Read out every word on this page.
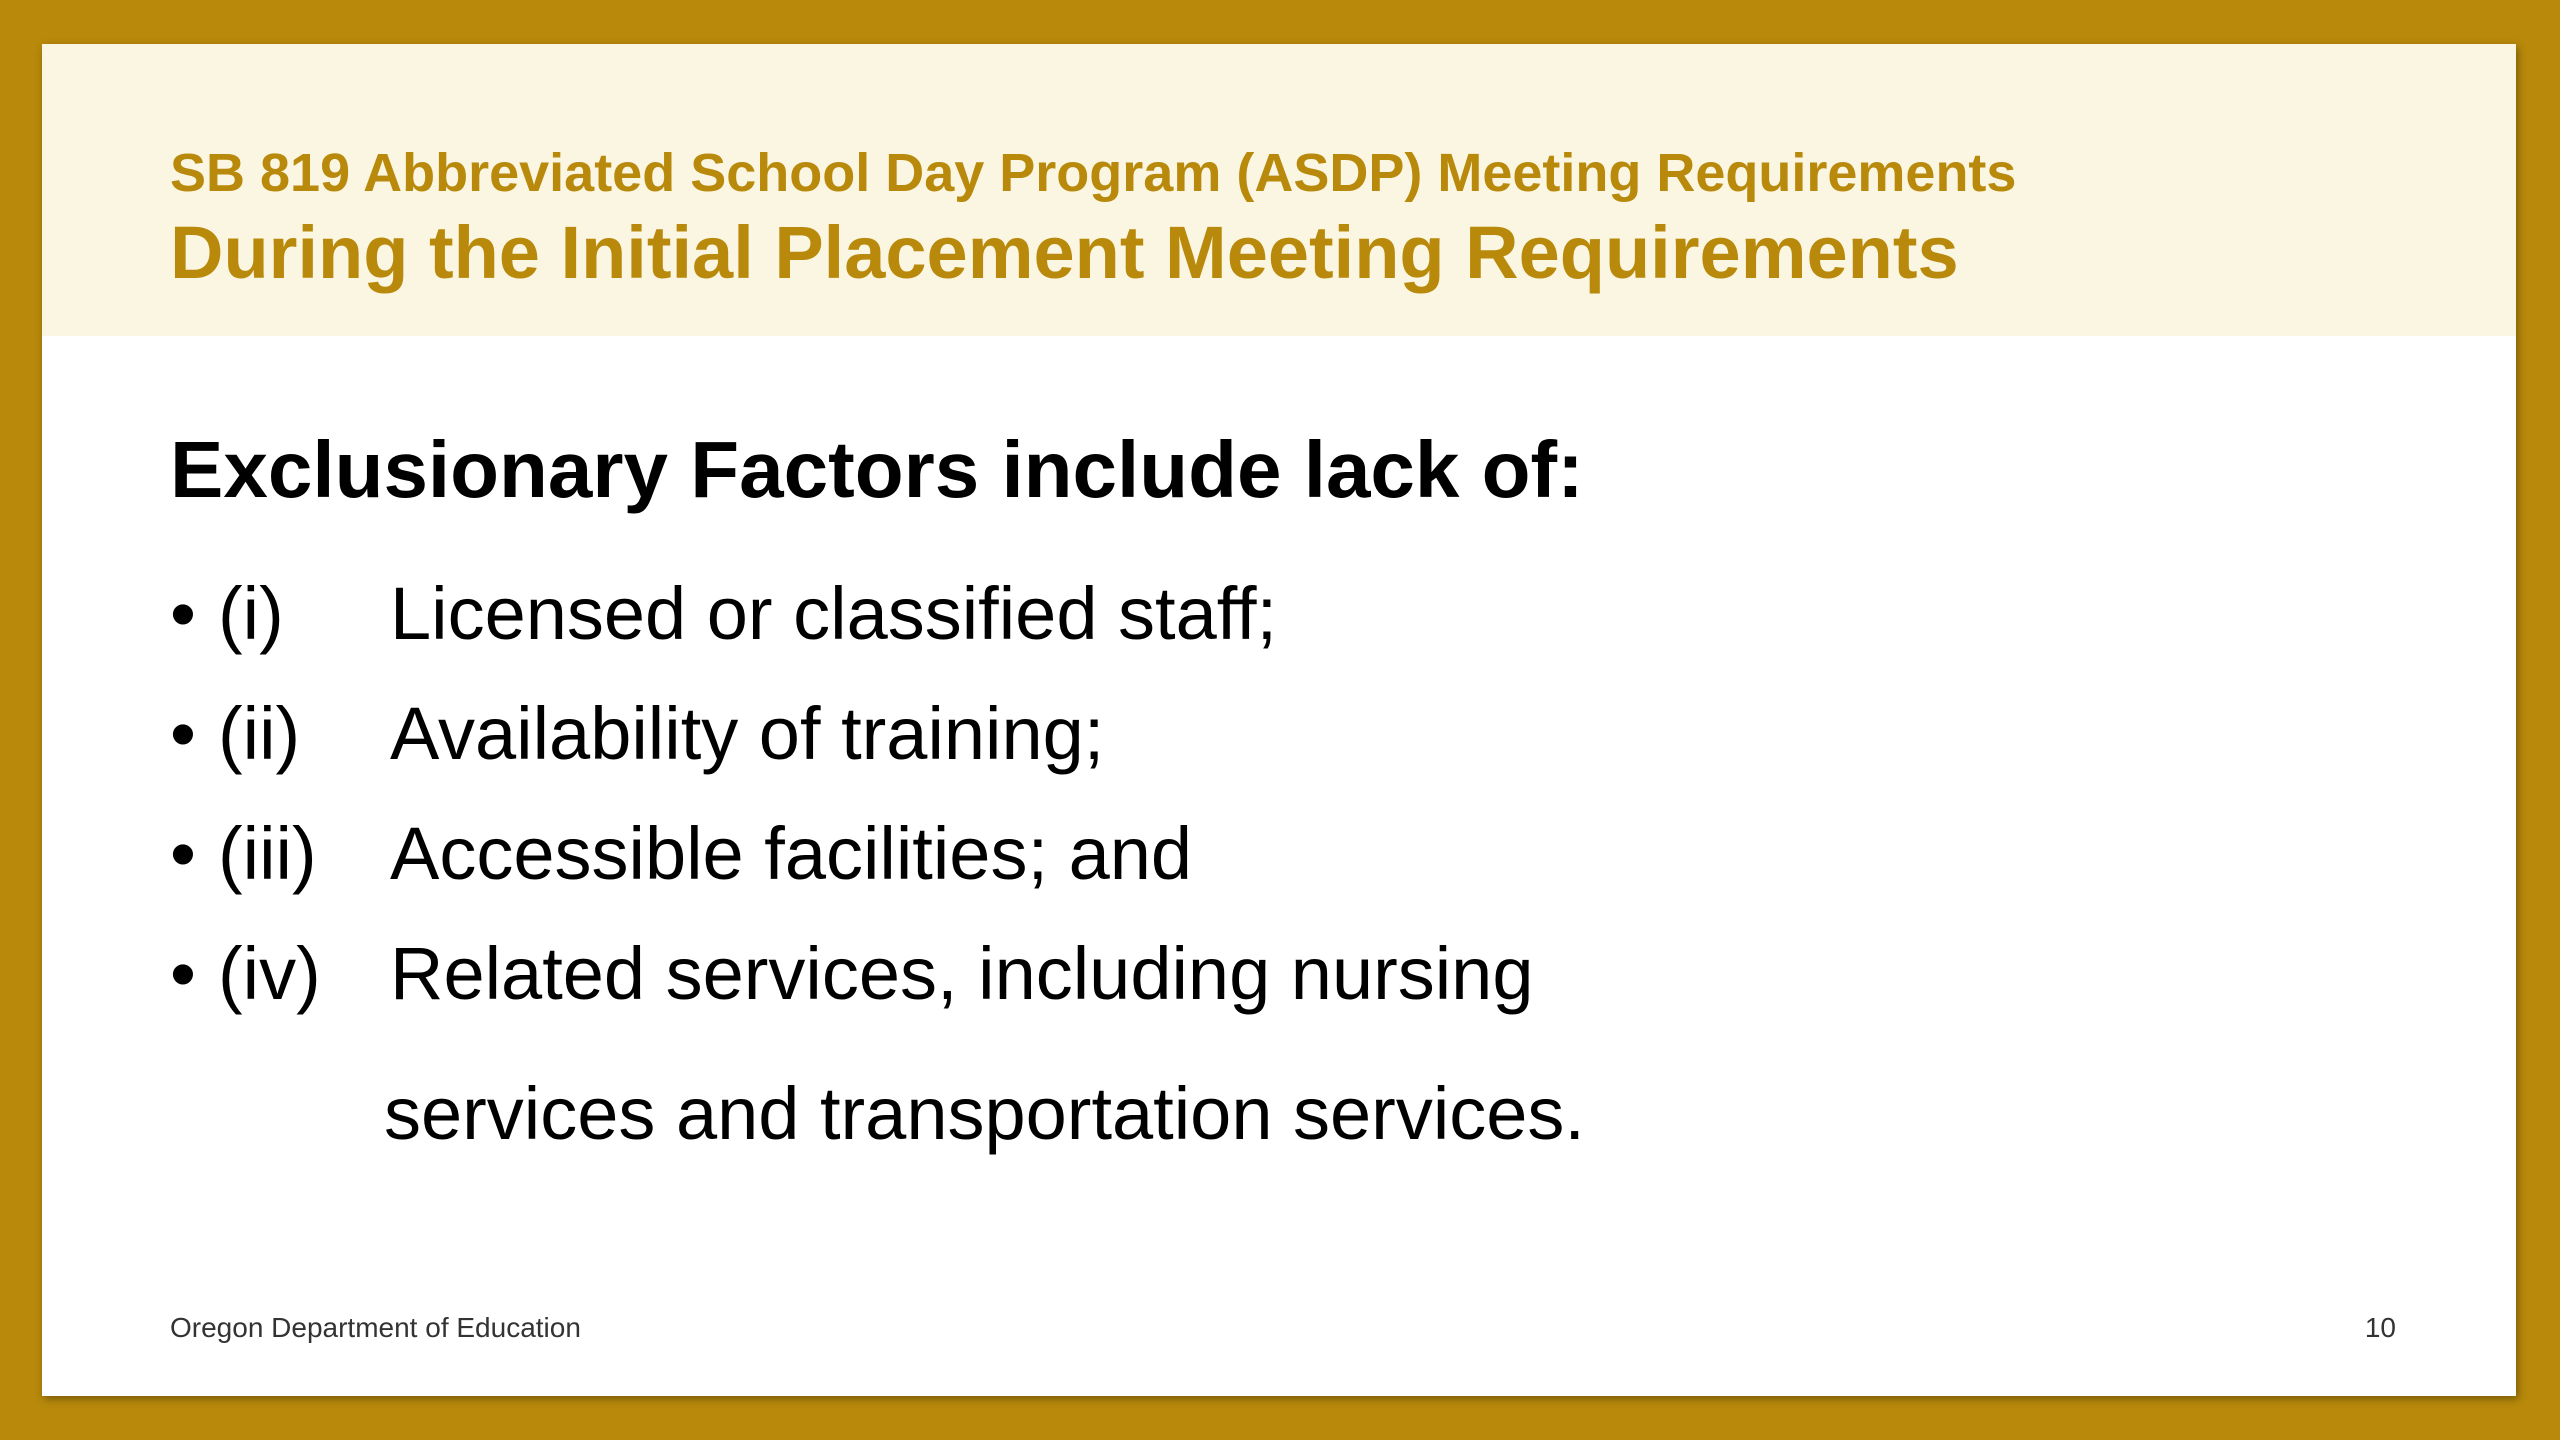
SB 819 Abbreviated School Day Program (ASDP) Meeting Requirements
During the Initial Placement Meeting Requirements
Exclusionary Factors include lack of:
• (i) Licensed or classified staff;
• (ii) Availability of training;
• (iii) Accessible facilities; and
• (iv) Related services, including nursing
services and transportation services.
Oregon Department of Education	10
